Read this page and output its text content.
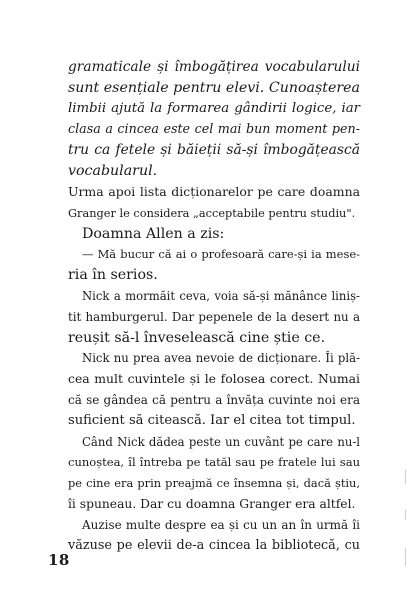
gramaticale și îmbogățirea vocabularului
sunt esențiale pentru elevi. Cunoașterea
limbii ajută la formarea gândirii logice, iar
clasa a cincea este cel mai bun moment pen-
tru ca fetele și băieții să-și îmbogățească
vocabularul.
Urma apoi lista dicționarelor pe care doamna
Granger le considera „acceptabile pentru studiu".
Doamna Allen a zis:
— Mă bucur că ai o profesoară care-și ia mese-
ria în serios.
Nick a mormăit ceva, voia să-și mănânce liniș-
tit hamburgerul. Dar pepenele de la desert nu a
reușit să-l înveselească cine știe ce.
Nick nu prea avea nevoie de dicționare. Îi plă-
cea mult cuvintele și le folosea corect. Numai
că se gândea că pentru a învăța cuvinte noi era
suficient să citească. Iar el citea tot timpul.
Când Nick dădea peste un cuvânt pe care nu-l
cunoștea, îl întreba pe tatăl sau pe fratele lui sau
pe cine era prin preajmă ce însemna și, dacă știu,
îi spuneau. Dar cu doamna Granger era altfel.
Auzise multe despre ea și cu un an în urmă îi
văzuse pe elevii de-a cincea la bibliotecă, cu
18
